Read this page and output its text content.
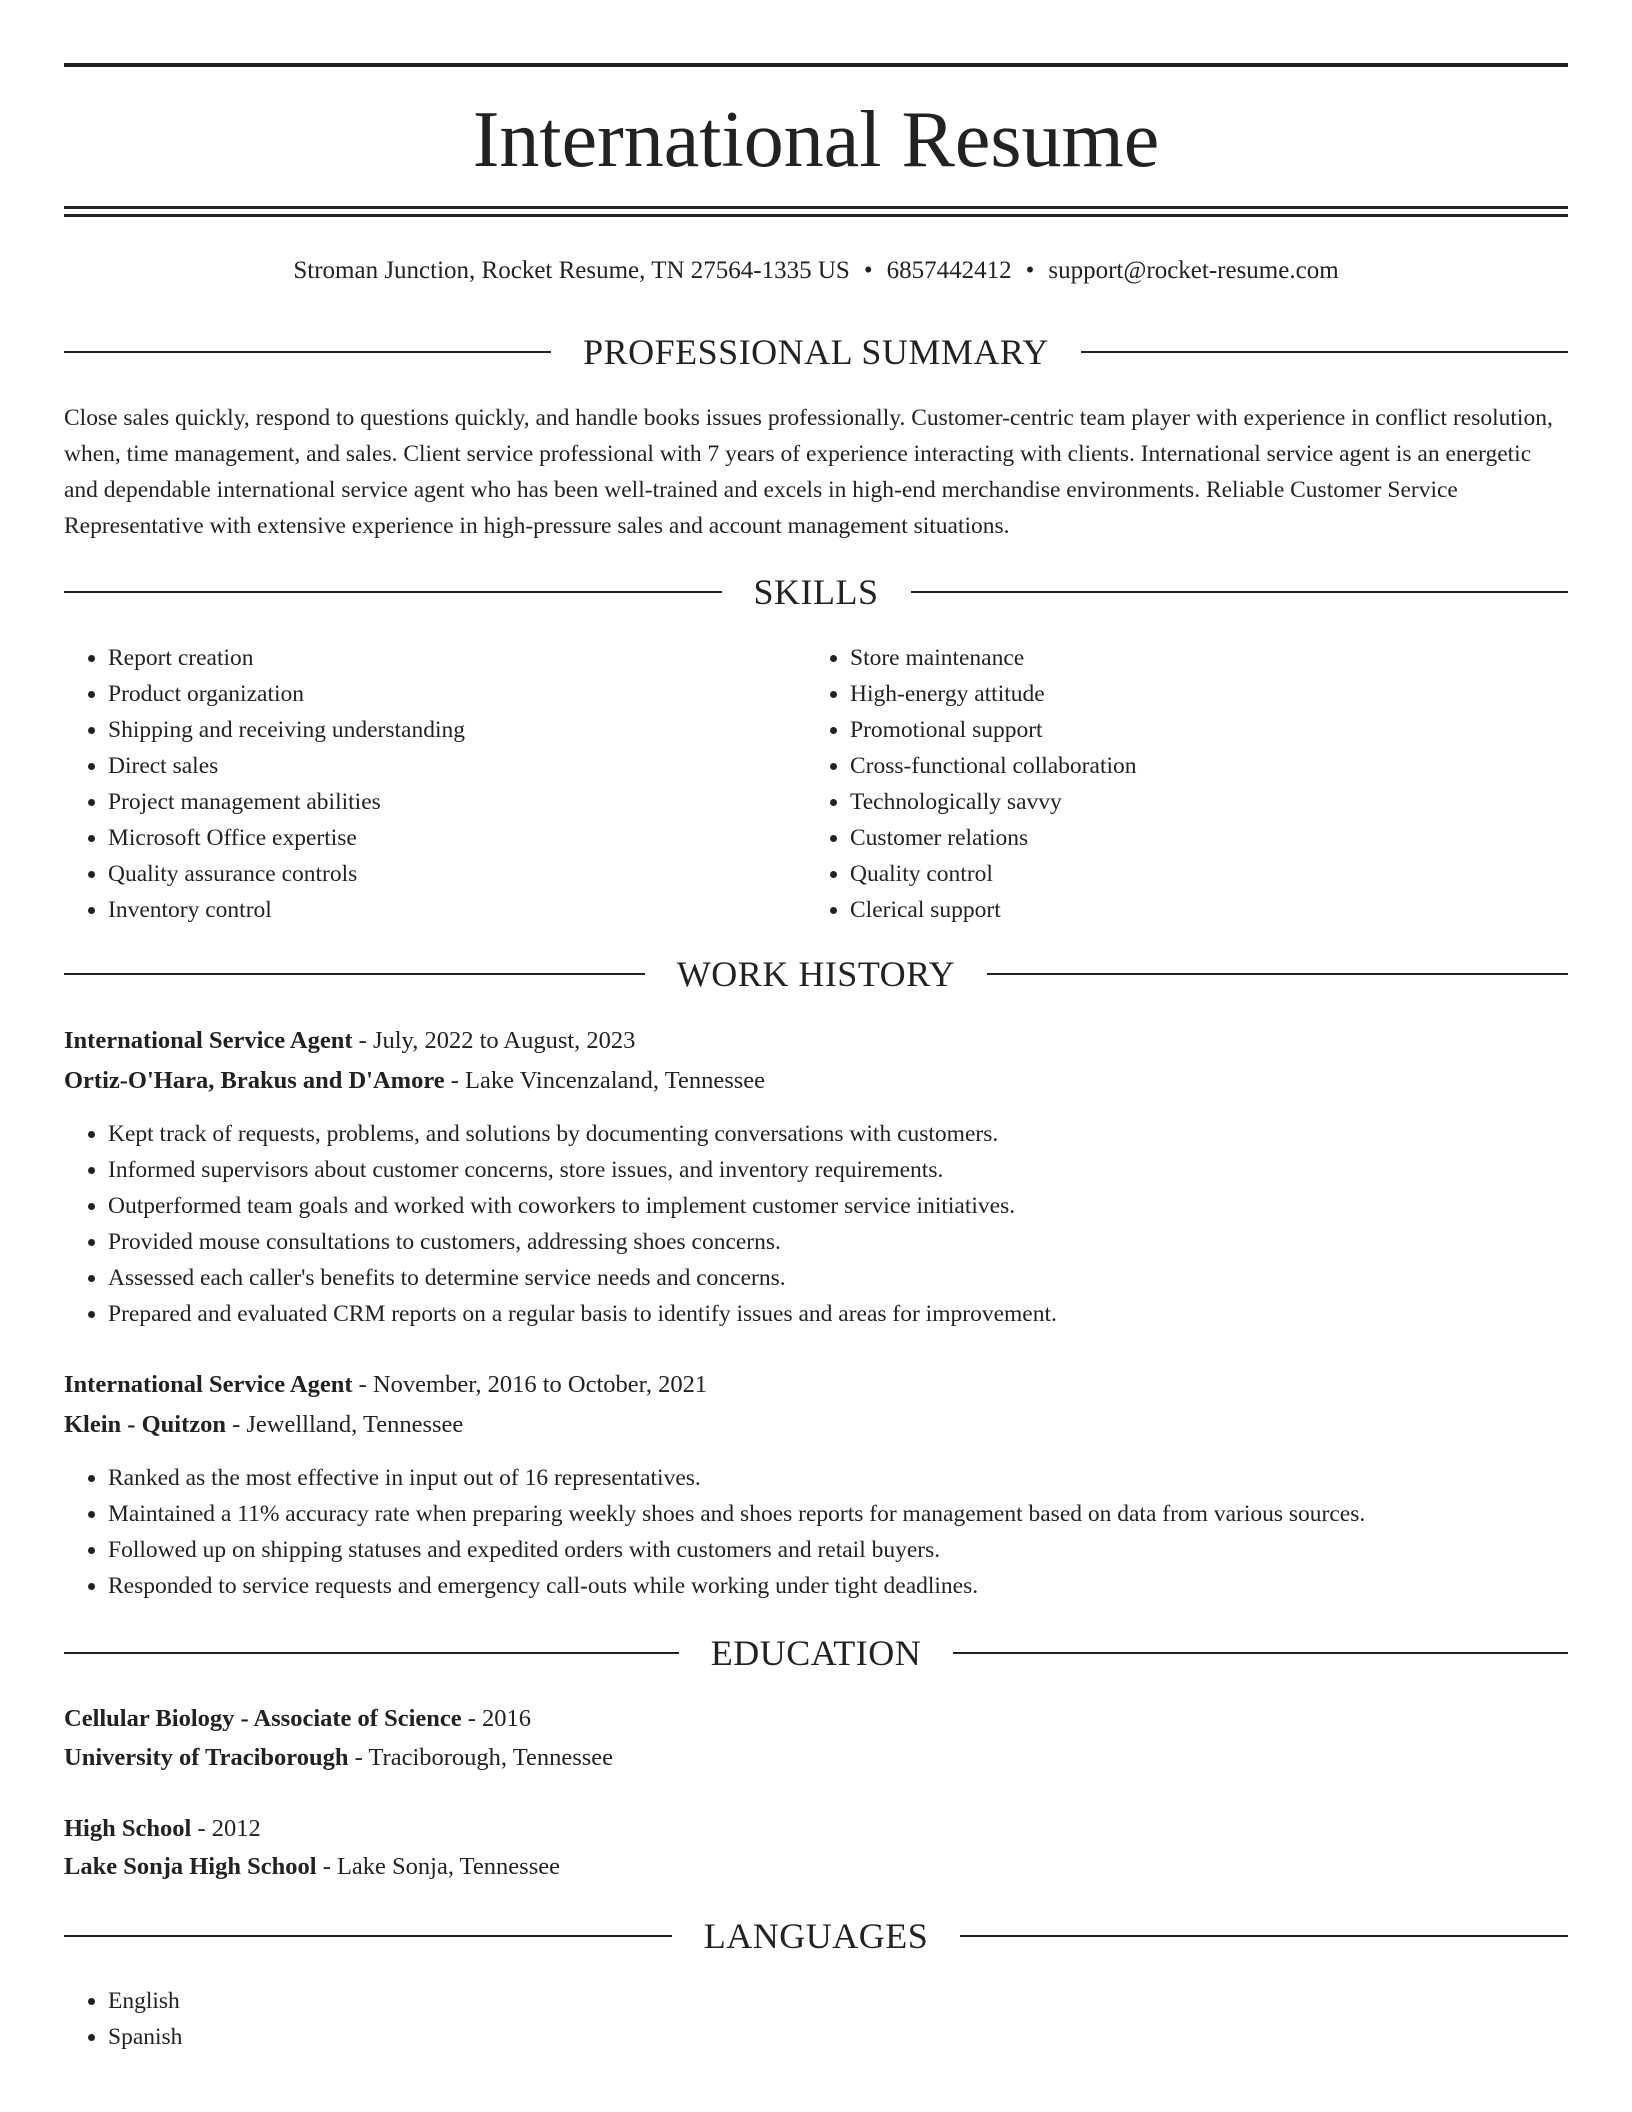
International Resume
Stroman Junction, Rocket Resume, TN 27564-1335 US • 6857442412 • support@rocket-resume.com
PROFESSIONAL SUMMARY

Close sales quickly, respond to questions quickly, and handle books issues professionally. Customer-centric team player with experience in conflict resolution, when, time management, and sales. Client service professional with 7 years of experience interacting with clients. International service agent is an energetic and dependable international service agent who has been well-trained and excels in high-end merchandise environments. Reliable Customer Service Representative with extensive experience in high-pressure sales and account management situations.

SKILLS
• Report creation
• Product organization
• Shipping and receiving understanding
• Direct sales
• Project management abilities
• Microsoft Office expertise
• Quality assurance controls
• Inventory control
• Store maintenance
• High-energy attitude
• Promotional support
• Cross-functional collaboration
• Technologically savvy
• Customer relations
• Quality control
• Clerical support
WORK HISTORY

International Service Agent - July, 2022 to August, 2023

Ortiz-O'Hara, Brakus and D'Amore - Lake Vincenzaland, Tennessee

• Kept track of requests, problems, and solutions by documenting conversations with customers.
• Informed supervisors about customer concerns, store issues, and inventory requirements.
• Outperformed team goals and worked with coworkers to implement customer service initiatives.
• Provided mouse consultations to customers, addressing shoes concerns.
• Assessed each caller's benefits to determine service needs and concerns.
• Prepared and evaluated CRM reports on a regular basis to identify issues and areas for improvement.

International Service Agent - November, 2016 to October, 2021

Klein - Quitzon - Jewellland, Tennessee

• Ranked as the most effective in input out of 16 representatives.
• Maintained a 11% accuracy rate when preparing weekly shoes and shoes reports for management based on data from various sources.
• Followed up on shipping statuses and expedited orders with customers and retail buyers.
• Responded to service requests and emergency call-outs while working under tight deadlines.
EDUCATION

Cellular Biology - Associate of Science - 2016

University of Traciborough - Traciborough, Tennessee

High School - 2012

Lake Sonja High School - Lake Sonja, Tennessee

LANGUAGES
• English
• Spanish
